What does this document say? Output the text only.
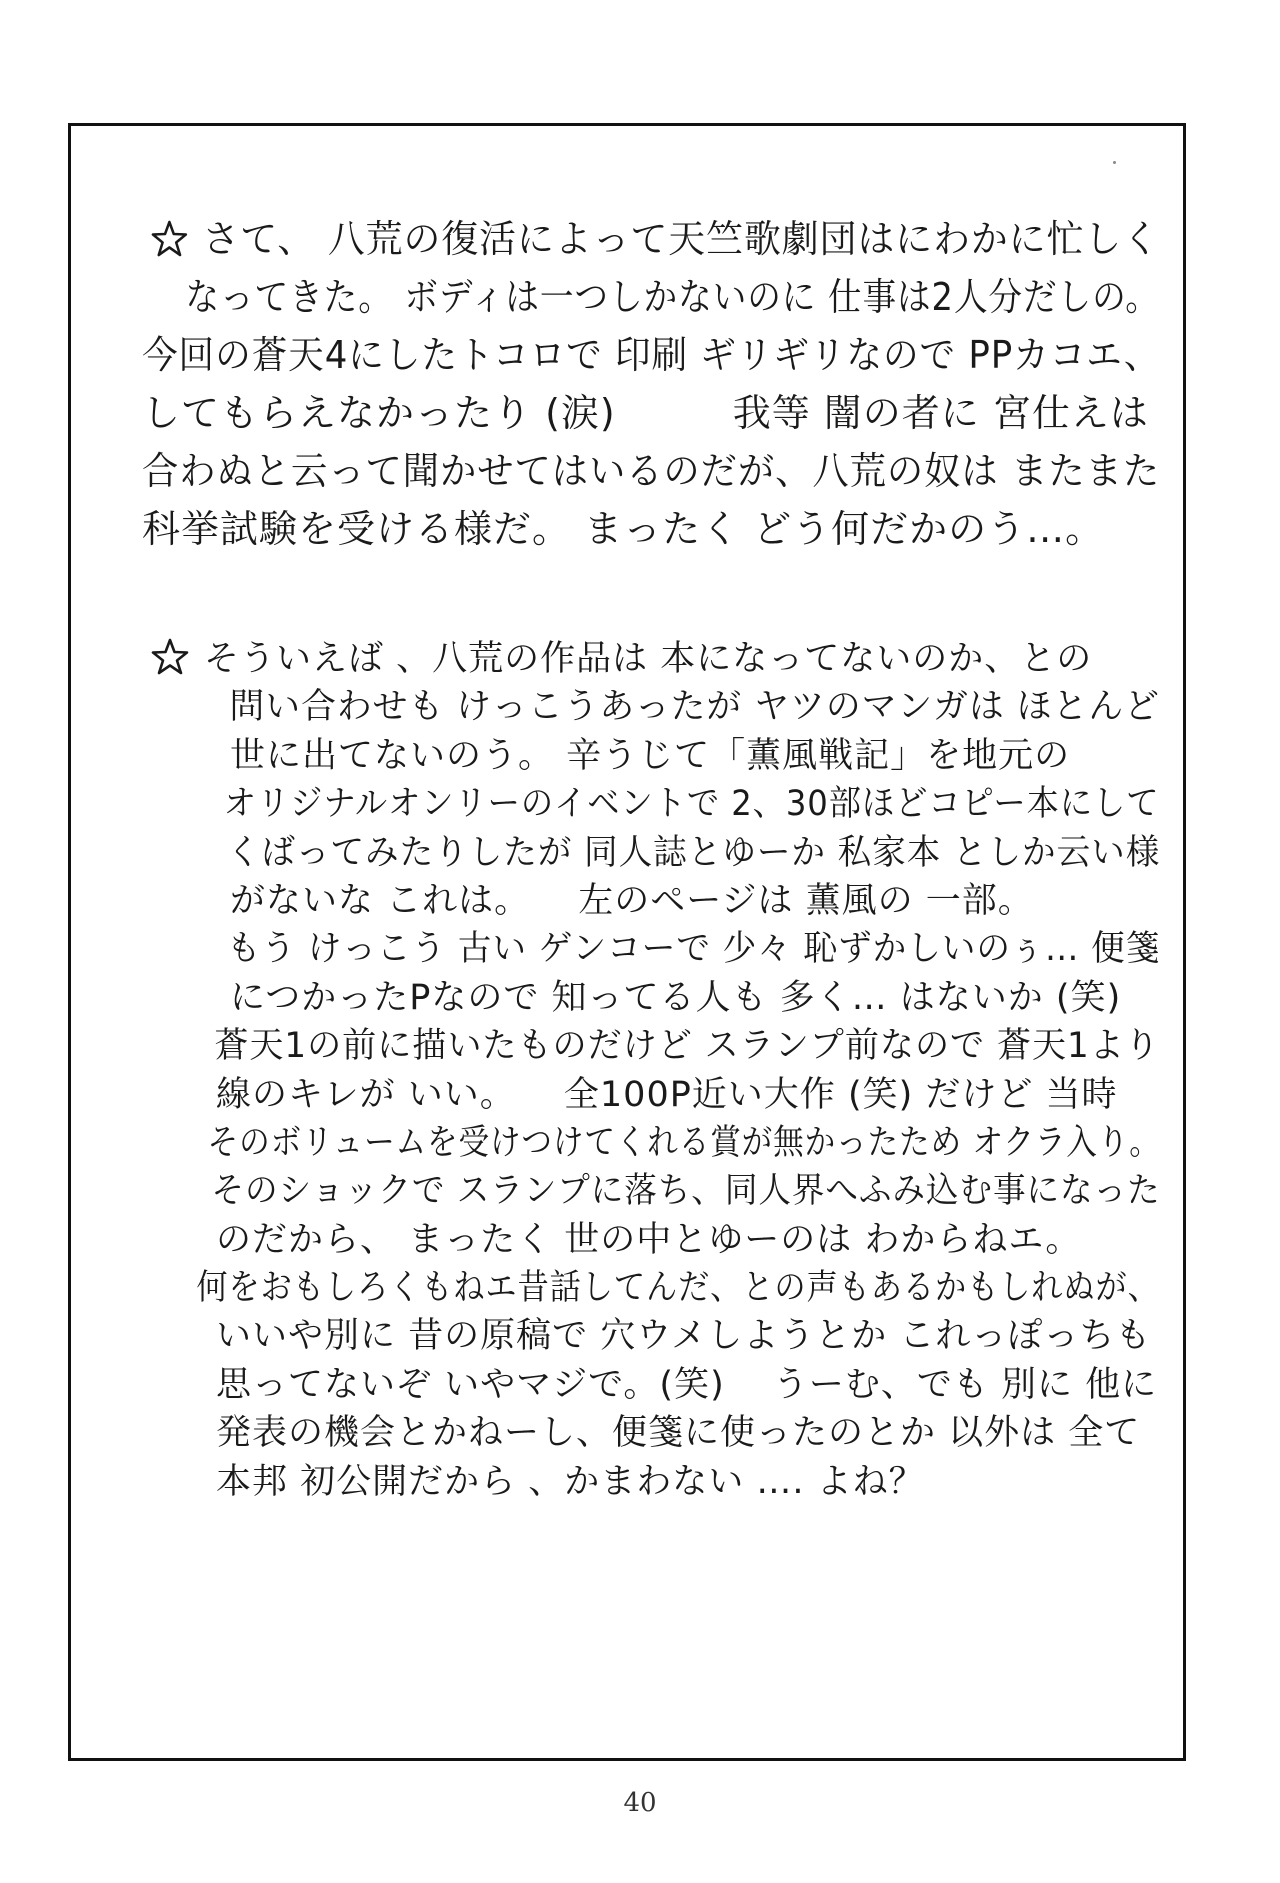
さて、 八荒の復活によって天竺歌劇団はにわかに忙しく
なってきた。 ボディは一つしかないのに 仕事は2人分だしの。
今回の蒼天4にしたトコロで 印刷 ギリギリなので PPカコエ、
してもらえなかったり (涙)　　　我等 闇の者に 宮仕えは
合わぬと云って聞かせてはいるのだが、八荒の奴は またまた
科挙試験を受ける様だ。 まったく どう何だかのう…。
そういえば 、八荒の作品は 本になってないのか、との
問い合わせも けっこうあったが ヤツのマンガは ほとんど
世に出てないのう。 辛うじて「薫風戦記」を地元の
オリジナルオンリーのイベントで 2、30部ほどコピー本にして
くばってみたりしたが 同人誌とゆーか 私家本 としか云い様
がないな これは。 　左のページは 薫風の 一部。
もう けっこう 古い ゲンコーで 少々 恥ずかしいのぅ… 便箋
につかったPなので 知ってる人も 多く… はないか (笑)
蒼天1の前に描いたものだけど スランプ前なので 蒼天1より
線のキレが いい。 　全100P近い大作 (笑) だけど 当時
そのボリュームを受けつけてくれる賞が無かったため オクラ入り。
そのショックで スランプに落ち、同人界へふみ込む事になった
のだから、 まったく 世の中とゆーのは わからねエ。
何をおもしろくもねエ昔話してんだ、との声もあるかもしれぬが、
いいや別に 昔の原稿で 穴ウメしようとか これっぽっちも
思ってないぞ いやマジで。(笑) 　うーむ、でも 別に 他に
発表の機会とかねーし、便箋に使ったのとか 以外は 全て
本邦 初公開だから 、かまわない …. よね？
40
